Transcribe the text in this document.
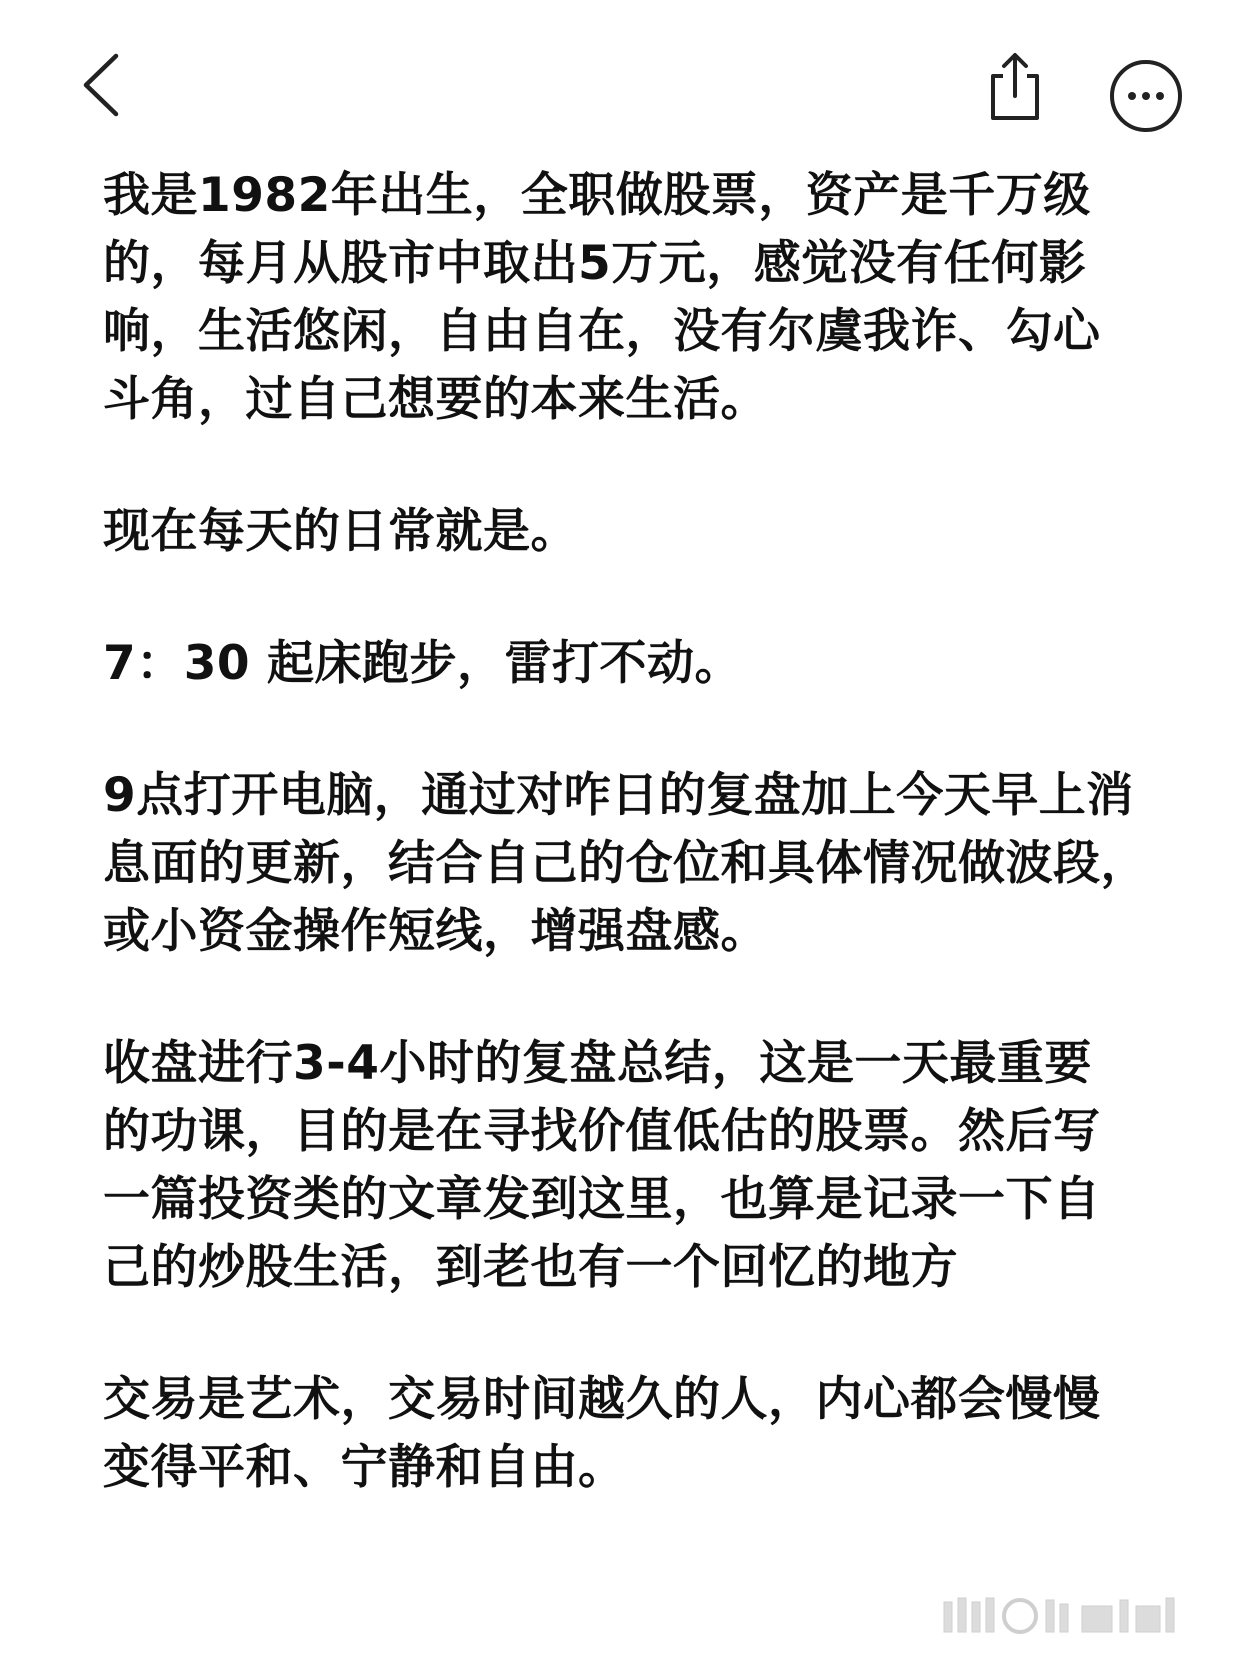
我是1982年出生，全职做股票，资产是千万级的，每月从股市中取出5万元，感觉没有任何影响，生活悠闲，自由自在，没有尔虞我诈、勾心斗角，过自己想要的本来生活。

现在每天的日常就是。

7：30 起床跑步，雷打不动。

9点打开电脑，通过对咋日的复盘加上今天早上消息面的更新，结合自己的仓位和具体情况做波段，或小资金操作短线，增强盘感。

收盘进行3-4小时的复盘总结，这是一天最重要的功课，目的是在寻找价值低估的股票。然后写一篇投资类的文章发到这里，也算是记录一下自己的炒股生活，到老也有一个回忆的地方

交易是艺术，交易时间越久的人，内心都会慢慢变得平和、宁静和自由。
